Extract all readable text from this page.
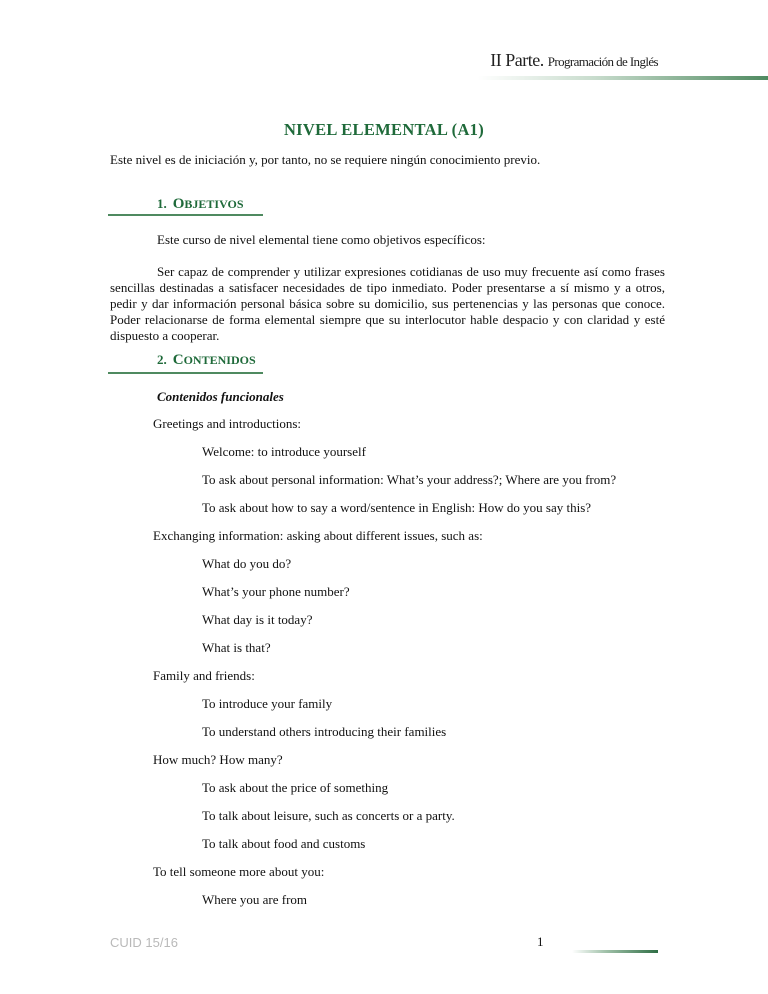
II Parte. Programación de Inglés
NIVEL ELEMENTAL (A1)
Este nivel es de iniciación y, por tanto, no se requiere ningún conocimiento previo.
1. OBJETIVOS
Este curso de nivel elemental tiene como objetivos específicos:
Ser capaz de comprender y utilizar expresiones cotidianas de uso muy frecuente así como frases sencillas destinadas a satisfacer necesidades de tipo inmediato. Poder presentarse a sí mismo y a otros, pedir y dar información personal básica sobre su domicilio, sus pertenencias y las personas que conoce. Poder relacionarse de forma elemental siempre que su interlocutor hable despacio y con claridad y esté dispuesto a cooperar.
2. CONTENIDOS
Contenidos funcionales
Greetings and introductions:
Welcome: to introduce yourself
To ask about personal information: What’s your address?; Where are you from?
To ask about how to say a word/sentence in English: How do you say this?
Exchanging information: asking about different issues, such as:
What do you do?
What’s your phone number?
What day is it today?
What is that?
Family and friends:
To introduce your family
To understand others introducing their families
How much? How many?
To ask about the price of something
To talk about leisure, such as concerts or a party.
To talk about food and customs
CUID 15/16	1
To tell someone more about you:
Where you are from
